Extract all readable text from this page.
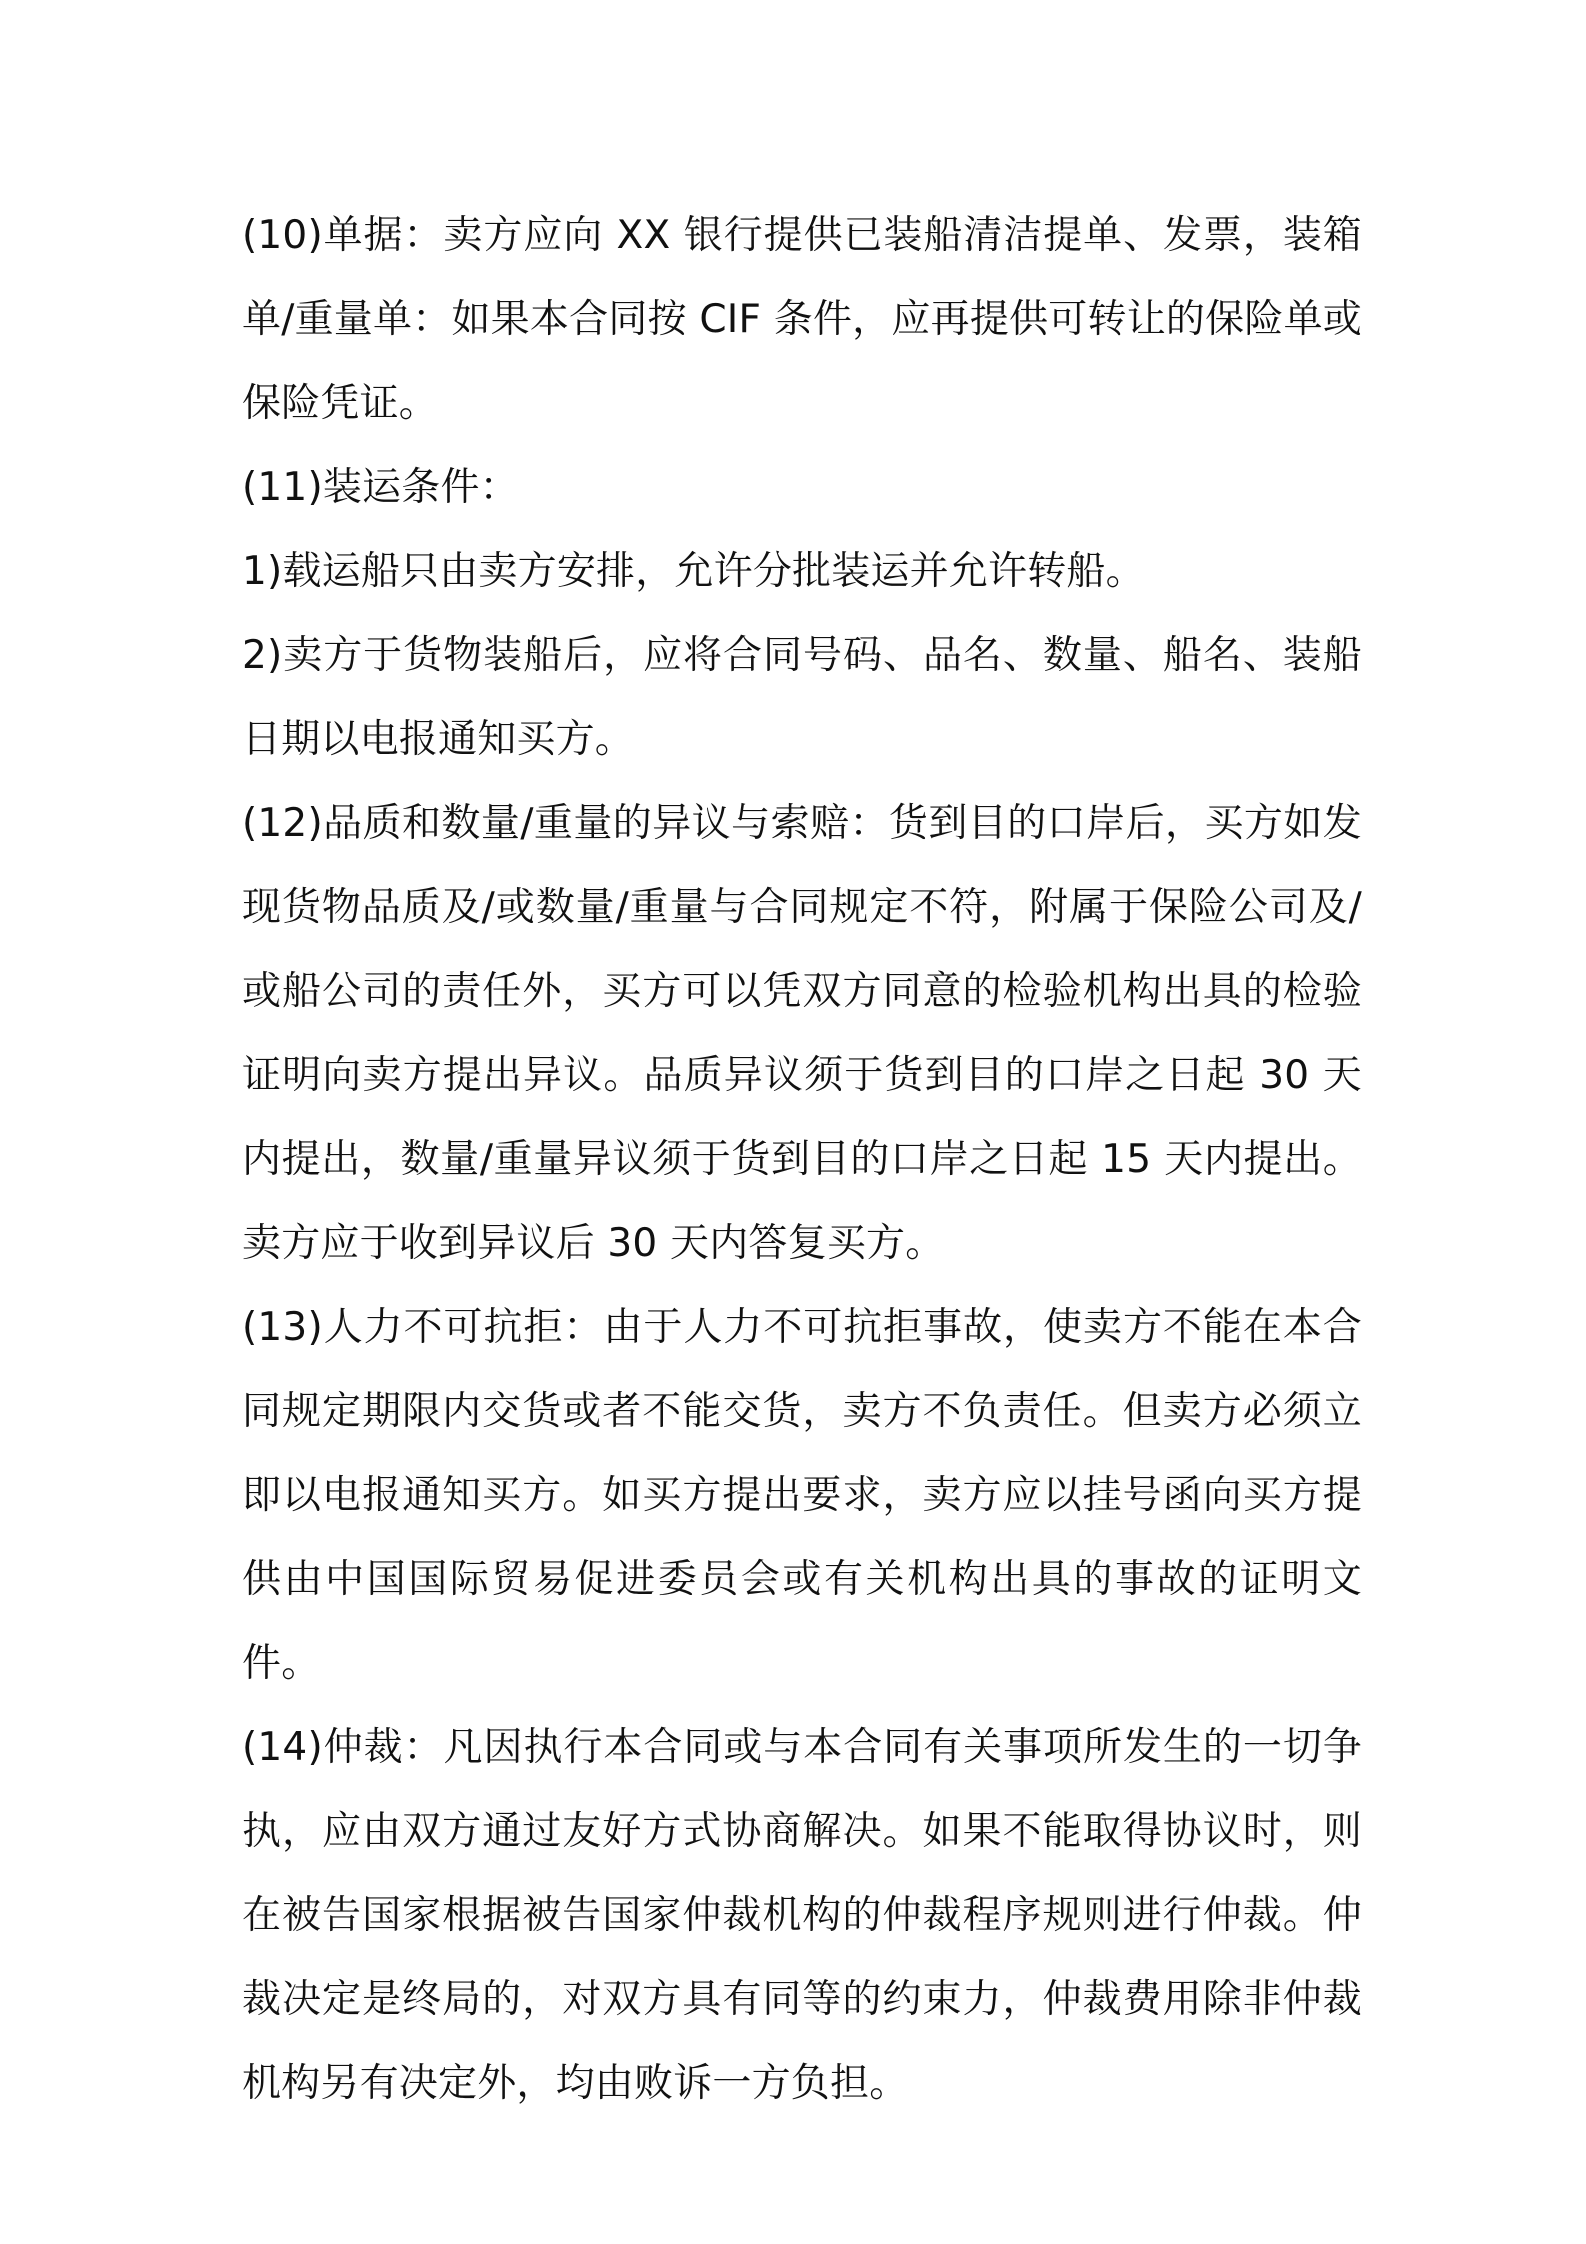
(10)单据：卖方应向 XX 银行提供已装船清洁提单、发票，装箱单/重量单：如果本合同按 CIF 条件，应再提供可转让的保险单或保险凭证。

(11)装运条件：

1)载运船只由卖方安排，允许分批装运并允许转船。

2)卖方于货物装船后，应将合同号码、品名、数量、船名、装船日期以电报通知买方。

(12)品质和数量/重量的异议与索赔：货到目的口岸后，买方如发现货物品质及/或数量/重量与合同规定不符，附属于保险公司及/或船公司的责任外，买方可以凭双方同意的检验机构出具的检验证明向卖方提出异议。品质异议须于货到目的口岸之日起 30 天内提出，数量/重量异议须于货到目的口岸之日起 15 天内提出。卖方应于收到异议后 30 天内答复买方。

(13)人力不可抗拒：由于人力不可抗拒事故，使卖方不能在本合同规定期限内交货或者不能交货，卖方不负责任。但卖方必须立即以电报通知买方。如买方提出要求，卖方应以挂号函向买方提供由中国国际贸易促进委员会或有关机构出具的事故的证明文件。

(14)仲裁：凡因执行本合同或与本合同有关事项所发生的一切争执，应由双方通过友好方式协商解决。如果不能取得协议时，则在被告国家根据被告国家仲裁机构的仲裁程序规则进行仲裁。仲裁决定是终局的，对双方具有同等的约束力，仲裁费用除非仲裁机构另有决定外，均由败诉一方负担。
